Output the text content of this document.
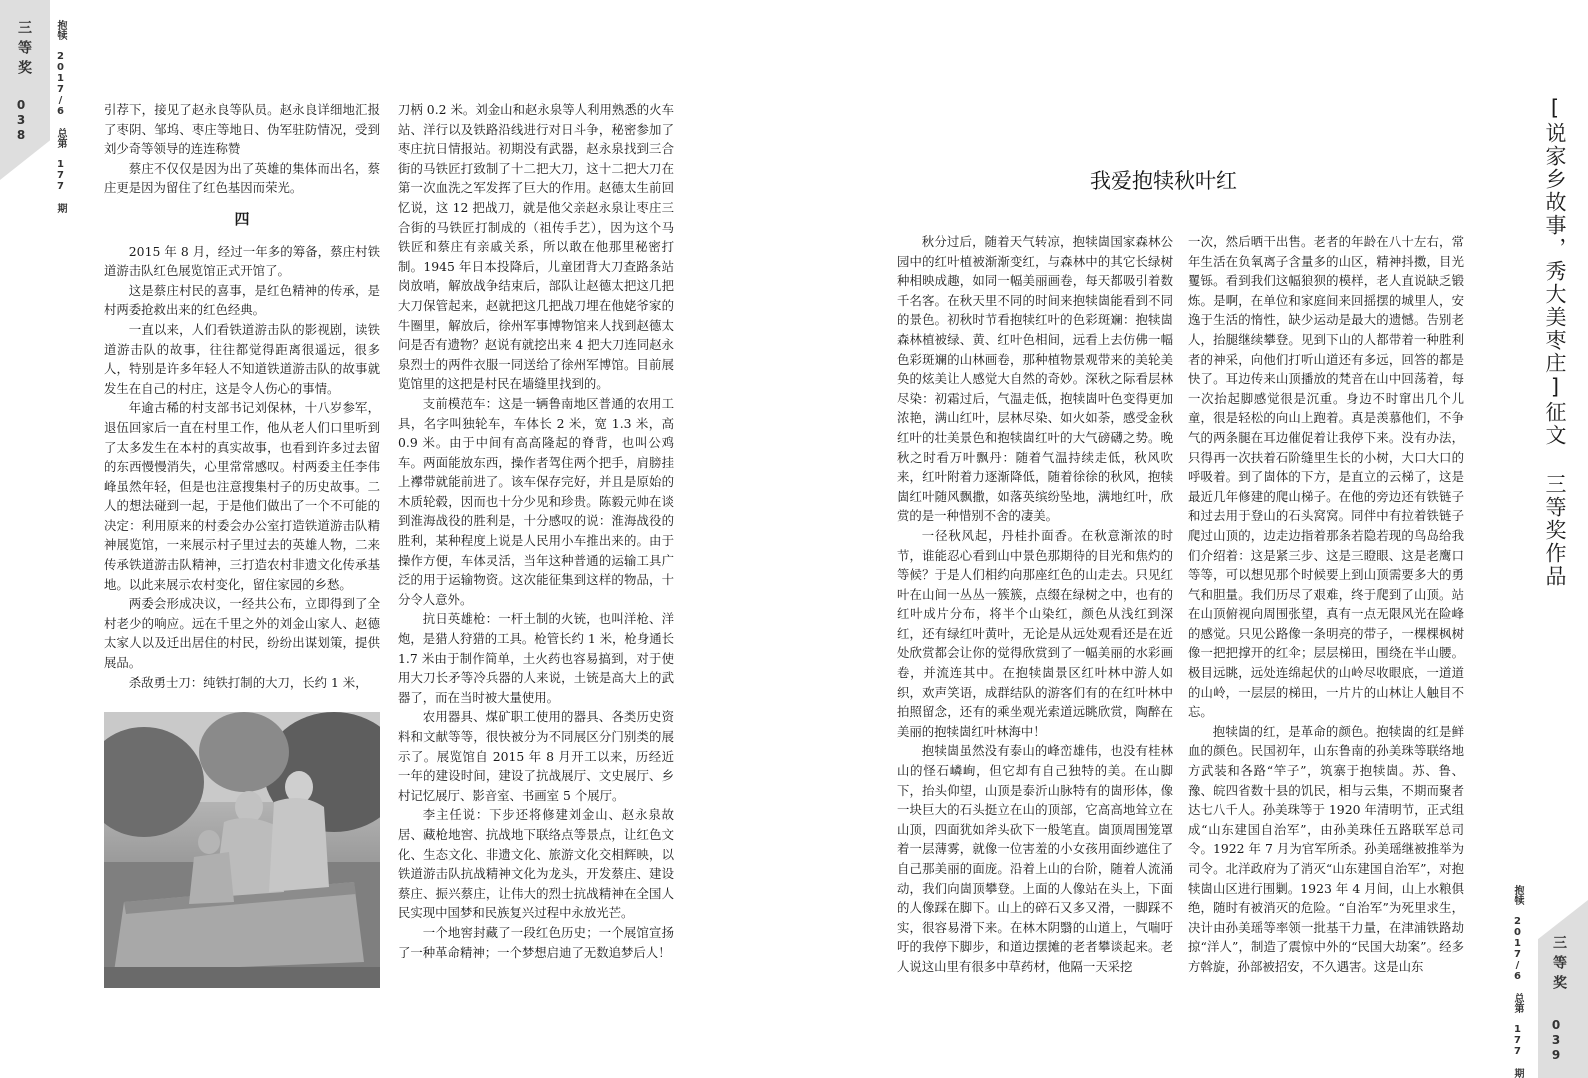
三等奖
038	抱犊 2017/6 总第 177 期	引荐下，接见了赵永良等队员。赵永良详细地汇报了枣阴、邹坞、枣庄等地日、伪军驻防情况，受到刘少奇等领导的连连称赞

蔡庄不仅仅是因为出了英雄的集体而出名，蔡庄更是因为留住了红色基因而荣光。

四

2015 年 8 月，经过一年多的筹备，蔡庄村铁道游击队红色展览馆正式开馆了。

这是蔡庄村民的喜事，是红色精神的传承，是村两委抢救出来的红色经典。

一直以来，人们看铁道游击队的影视剧，读铁道游击队的故事，往往都觉得距离很遥远，很多人，特别是许多年轻人不知道铁道游击队的故事就发生在自己的村庄，这是令人伤心的事情。

年逾古稀的村支部书记刘保林，十八岁参军，退伍回家后一直在村里工作，他从老人们口里听到了太多发生在本村的真实故事，也看到许多过去留的东西慢慢消失，心里常常感叹。村两委主任李伟峰虽然年轻，但是也注意搜集村子的历史故事。二人的想法碰到一起，于是他们做出了一个不可能的决定：利用原来的村委会办公室打造铁道游击队精神展览馆，一来展示村子里过去的英雄人物，二来传承铁道游击队精神，三打造农村非遗文化传承基地。以此来展示农村变化，留住家园的乡愁。

两委会形成决议，一经共公布，立即得到了全村老少的响应。远在千里之外的刘金山家人、赵德太家人以及迁出居住的村民，纷纷出谋划策，提供展品。

杀敌勇士刀：纯铁打制的大刀，长约 1 米，

刀柄 0.2 米。刘金山和赵永泉等人利用熟悉的火车站、洋行以及铁路沿线进行对日斗争，秘密参加了枣庄抗日情报站。初期没有武器，赵永泉找到三合街的马铁匠打致制了十二把大刀，这十二把大刀在第一次血洗之军发挥了巨大的作用。赵德太生前回忆说，这 12 把战刀，就是他父亲赵永泉让枣庄三合街的马铁匠打制成的（祖传手艺），因为这个马铁匠和蔡庄有亲戚关系，所以敢在他那里秘密打制。1945 年日本投降后，儿童团背大刀查路条站岗放哨，解放战争结束后，部队让赵德太把这几把大刀保管起来，赵就把这几把战刀埋在他姥爷家的牛圈里，解放后，徐州军事博物馆来人找到赵德太问是否有遗物？赵说有就挖出来 4 把大刀连同赵永泉烈士的两件衣服一同送给了徐州军博馆。目前展览馆里的这把是村民在墙缝里找到的。

支前模范车：这是一辆鲁南地区普通的农用工具，名字叫独轮车，车体长 2 米，宽 1.3 米，高 0.9 米。由于中间有高高隆起的脊背，也叫公鸡车。两面能放东西，操作者驾住两个把手，肩膀挂上襻带就能前进了。该车保存完好，并且是原始的木质轮毂，因而也十分少见和珍贵。陈毅元帅在谈到淮海战役的胜利是，十分感叹的说：淮海战役的胜利，某种程度上说是人民用小车推出来的。由于操作方便，车体灵活，当年这种普通的运输工具广泛的用于运输物资。这次能征集到这样的物品，十分令人意外。

抗日英雄枪：一杆土制的火铳，也叫洋枪、洋炮，是猎人狩猎的工具。枪管长约 1 米，枪身通长 1.7 米由于制作简单，土火药也容易搞到，对于使用大刀长矛等冷兵器的人来说，土铳是高大上的武器了，而在当时被大量使用。

农用器具、煤矿职工使用的器具、各类历史资料和文献等等，很快被分为不同展区分门别类的展示了。展览馆自 2015 年 8 月开工以来，历经近一年的建设时间，建设了抗战展厅、文史展厅、乡村记忆展厅、影音室、书画室 5 个展厅。

李主任说：下步还将修建刘金山、赵永泉故居、藏枪地窖、抗战地下联络点等景点，让红色文化、生态文化、非遗文化、旅游文化交相辉映，以铁道游击队抗战精神文化为龙头，开发蔡庄、建设蔡庄、振兴蔡庄，让伟大的烈士抗战精神在全国人民实现中国梦和民族复兴过程中永放光芒。

一个地窖封藏了一段红色历史；一个展馆宣扬了一种革命精神；一个梦想启迪了无数追梦后人！

[说家乡故事，秀大美枣庄]征文 三等奖作品
我爱抱犊秋叶红

秋分过后，随着天气转凉，抱犊崮国家森林公园中的红叶植被渐渐变红，与森林中的其它长绿树种相映成趣，如同一幅美丽画卷，每天都吸引着数千名客。在秋天里不同的时间来抱犊崮能看到不同的景色。初秋时节看抱犊红叶的色彩斑斓：抱犊崮森林植被绿、黄、红叶色相间，远看上去仿佛一幅色彩斑斓的山林画卷，那种植物景观带来的美轮美奂的炫美让人感觉大自然的奇妙。深秋之际看层林尽染：初霜过后，气温走低，抱犊崮叶色变得更加浓艳，满山红叶，层林尽染、如火如荼，感受金秋红叶的壮美景色和抱犊崮红叶的大气磅礴之势。晚秋之时看万叶飘丹：随着气温持续走低，秋风吹来，红叶附着力逐渐降低，随着徐徐的秋风，抱犊崮红叶随风飘撒，如落英缤纷坠地，满地红叶，欣赏的是一种惜别不舍的凄美。

一径秋风起，丹桂扑面香。在秋意渐浓的时节，谁能忍心看到山中景色那期待的目光和焦灼的等候？于是人们相约向那座红色的山走去。只见红叶在山间一丛丛一簇簇，点缀在绿树之中，也有的红叶成片分布，将半个山染红，颜色从浅红到深红，还有绿红叶黄叶，无论是从远处观看还是在近处欣赏都会让你的觉得欣赏到了一幅美丽的水彩画卷，并流连其中。在抱犊崮景区红叶林中游人如织，欢声笑语，成群结队的游客们有的在红叶林中拍照留念，还有的乘坐观光索道远眺欣赏，陶醉在美丽的抱犊崮红叶林海中！

抱犊崮虽然没有泰山的峰峦雄伟，也没有桂林山的怪石嶙峋，但它却有自己独特的美。在山脚下，抬头仰望，山顶是泰沂山脉特有的崮形体，像一块巨大的石头挺立在山的顶部，它高高地耸立在山顶，四面犹如斧头砍下一般笔直。崮顶周围笼罩着一层薄雾，就像一位害羞的小女孩用面纱遮住了自己那美丽的面庞。沿着上山的台阶，随着人流涌动，我们向崮顶攀登。上面的人像站在头上，下面的人像踩在脚下。山上的碎石又多又滑，一脚踩不实，很容易滑下来。在林木阴翳的山道上，气喘吁吁的我停下脚步，和道边摆摊的老者攀谈起来。老人说这山里有很多中草药材，他隔一天采挖

一次，然后晒干出售。老者的年龄在八十左右，常年生活在负氧离子含量多的山区，精神抖擞，目光矍铄。看到我们这幅狼狈的模样，老人直说缺乏锻炼。是啊，在单位和家庭间来回摇摆的城里人，安逸于生活的惰性，缺少运动是最大的遗憾。告别老人，抬腿继续攀登。见到下山的人都带着一种胜利者的神采，向他们打听山道还有多远，回答的都是快了。耳边传来山顶播放的梵音在山中回荡着，每一次抬起脚感觉很是沉重。身边不时窜出几个儿童，很是轻松的向山上跑着。真是羡慕他们，不争气的两条腿在耳边催促着让我停下来。没有办法，只得再一次扶着石阶缝里生长的小树，大口大口的呼吸着。到了崮体的下方，是直立的云梯了，这是最近几年修建的爬山梯子。在他的旁边还有铁链子和过去用于登山的石头窝窝。同伴中有拉着铁链子爬过山顶的，边走边指着那条若隐若现的鸟岛给我们介绍着：这是紧三步、这是三瞪眼、这是老鹰口等等，可以想见那个时候要上到山顶需要多大的勇气和胆量。我们历尽了艰难，终于爬到了山顶。站在山顶俯视向周围张望，真有一点无限风光在险峰的感觉。只见公路像一条明亮的带子，一棵棵枫树像一把把撑开的红伞；层层梯田，围绕在半山腰。极目远眺，远处连绵起伏的山岭尽收眼底，一道道的山岭，一层层的梯田，一片片的山林让人触目不忘。

抱犊崮的红，是革命的颜色。抱犊崮的红是鲜血的颜色。民国初年，山东鲁南的孙美珠等联络地方武装和各路“竿子”，筑寨于抱犊崮。苏、鲁、豫、皖四省数十县的饥民，相与云集，不期而聚者达七八千人。孙美珠等于 1920 年清明节，正式组成“山东建国自治军”，由孙美珠任五路联军总司令。1922 年 7 月为官军所杀。孙美瑶继被推举为司令。北洋政府为了消灭“山东建国自治军”，对抱犊崮山区进行围剿。1923 年 4 月间，山上水粮俱绝，随时有被消灭的危险。“自治军”为死里求生，决计由孙美瑶等率领一批基干力量，在津浦铁路劫掠“洋人”，制造了震惊中外的“民国大劫案”。经多方斡旋，孙部被招安，不久遇害。这是山东	抱犊 2017/6 总第 177 期 三等奖
039
